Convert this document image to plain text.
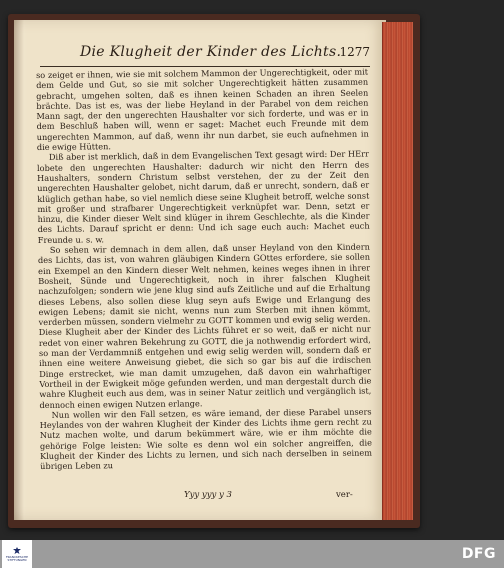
Die Klugheit der Kinder des Lichts.
1277

so zeiget er ihnen, wie sie mit solchem Mammon der Ungerechtigkeit, oder mit dem Gelde und Gut, so sie mit solcher Ungerechtigkeit hätten zusammen gebracht, umgehen solten, daß es ihnen keinen Schaden an ihren Seelen brächte. Das ist es, was der liebe Heyland in der Parabel von dem reichen Mann sagt, der den ungerechten Haushalter vor sich forderte, und was er in dem Beschluß haben will, wenn er saget: Machet euch Freunde mit dem ungerechten Mammon, auf daß, wenn ihr nun darbet, sie euch aufnehmen in die ewige Hütten.

Diß aber ist merklich, daß in dem Evangelischen Text gesagt wird: Der HErr lobete den ungerechten Haushalter: dadurch wir nicht den Herrn des Haushalters, sondern Christum selbst verstehen, der zu der Zeit den ungerechten Haushalter gelobet, nicht darum, daß er unrecht, sondern, daß er klüglich gethan habe, so viel nemlich diese seine Klugheit betroff, welche sonst mit großer und strafbarer Ungerechtigkeit verknüpfet war. Denn, setzt er hinzu, die Kinder dieser Welt sind klüger in ihrem Geschlechte, als die Kinder des Lichts. Darauf spricht er denn: Und ich sage euch auch: Machet euch Freunde u. s. w.

So sehen wir demnach in dem allen, daß unser Heyland von den Kindern des Lichts, das ist, von wahren gläubigen Kindern GOttes erfordere, sie sollen ein Exempel an den Kindern dieser Welt nehmen, keines weges ihnen in ihrer Bosheit, Sünde und Ungerechtigkeit, noch in ihrer falschen Klugheit nachzufolgen; sondern wie jene klug sind aufs Zeitliche und auf die Erhaltung dieses Lebens, also sollen diese klug seyn aufs Ewige und Erlangung des ewigen Lebens; damit sie nicht, wenns nun zum Sterben mit ihnen kömmt, verderben müssen, sondern vielmehr zu GOTT kommen und ewig selig werden. Diese Klugheit aber der Kinder des Lichts führet er so weit, daß er nicht nur redet von einer wahren Bekehrung zu GOTT, die ja nothwendig erfordert wird, so man der Verdammniß entgehen und ewig selig werden will, sondern daß er ihnen eine weitere Anweisung giebet, die sich so gar bis auf die irdischen Dinge erstrecket, wie man damit umzugehen, daß davon ein wahrhaftiger Vortheil in der Ewigkeit möge gefunden werden, und man dergestalt durch die wahre Klugheit euch aus dem, was in seiner Natur zeitlich und vergänglich ist, dennoch einen ewigen Nutzen erlange.

Nun wollen wir den Fall setzen, es wäre iemand, der diese Parabel unsers Heylandes von der wahren Klugheit der Kinder des Lichts ihme gern recht zu Nutz machen wolte, und darum bekümmert wäre, wie er ihm möchte die gehörige Folge leisten: Wie solte es denn wol ein solcher angreiffen, die Klugheit der Kinder des Lichts zu lernen, und sich nach derselben in seinem übrigen Leben zu

Yyy yyy y 3	ver-
FRANCKESCHE STIFTUNGEN	DFG
